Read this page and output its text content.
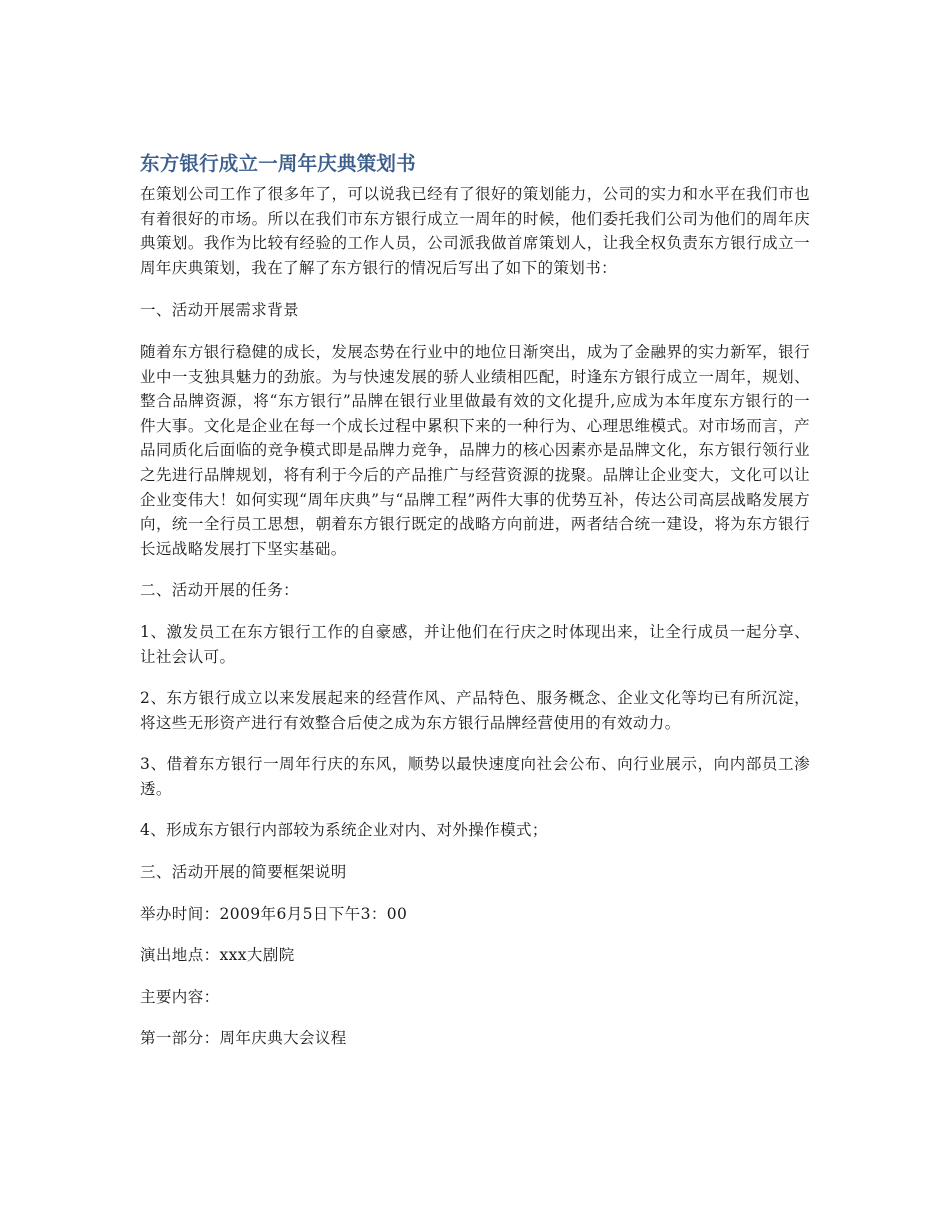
东方银行成立一周年庆典策划书

在策划公司工作了很多年了，可以说我已经有了很好的策划能力，公司的实力和水平在我们市也有着很好的市场。所以在我们市东方银行成立一周年的时候，他们委托我们公司为他们的周年庆典策划。我作为比较有经验的工作人员，公司派我做首席策划人，让我全权负责东方银行成立一周年庆典策划，我在了解了东方银行的情况后写出了如下的策划书：

一、活动开展需求背景

随着东方银行稳健的成长，发展态势在行业中的地位日渐突出，成为了金融界的实力新军，银行业中一支独具魅力的劲旅。为与快速发展的骄人业绩相匹配，时逢东方银行成立一周年，规划、整合品牌资源，将“东方银行”品牌在银行业里做最有效的文化提升,应成为本年度东方银行的一件大事。文化是企业在每一个成长过程中累积下来的一种行为、心理思维模式。对市场而言，产品同质化后面临的竞争模式即是品牌力竞争，品牌力的核心因素亦是品牌文化，东方银行领行业之先进行品牌规划，将有利于今后的产品推广与经营资源的拢聚。品牌让企业变大，文化可以让企业变伟大！如何实现“周年庆典”与“品牌工程”两件大事的优势互补，传达公司高层战略发展方向，统一全行员工思想，朝着东方银行既定的战略方向前进，两者结合统一建设，将为东方银行长远战略发展打下坚实基础。

二、活动开展的任务：

1、激发员工在东方银行工作的自豪感，并让他们在行庆之时体现出来，让全行成员一起分享、让社会认可。

2、东方银行成立以来发展起来的经营作风、产品特色、服务概念、企业文化等均已有所沉淀，将这些无形资产进行有效整合后使之成为东方银行品牌经营使用的有效动力。

3、借着东方银行一周年行庆的东风，顺势以最快速度向社会公布、向行业展示，向内部员工渗透。

4、形成东方银行内部较为系统企业对内、对外操作模式；

三、活动开展的简要框架说明

举办时间：2009年6月5日下午3：00

演出地点：xxx大剧院

主要内容：

第一部分：周年庆典大会议程
